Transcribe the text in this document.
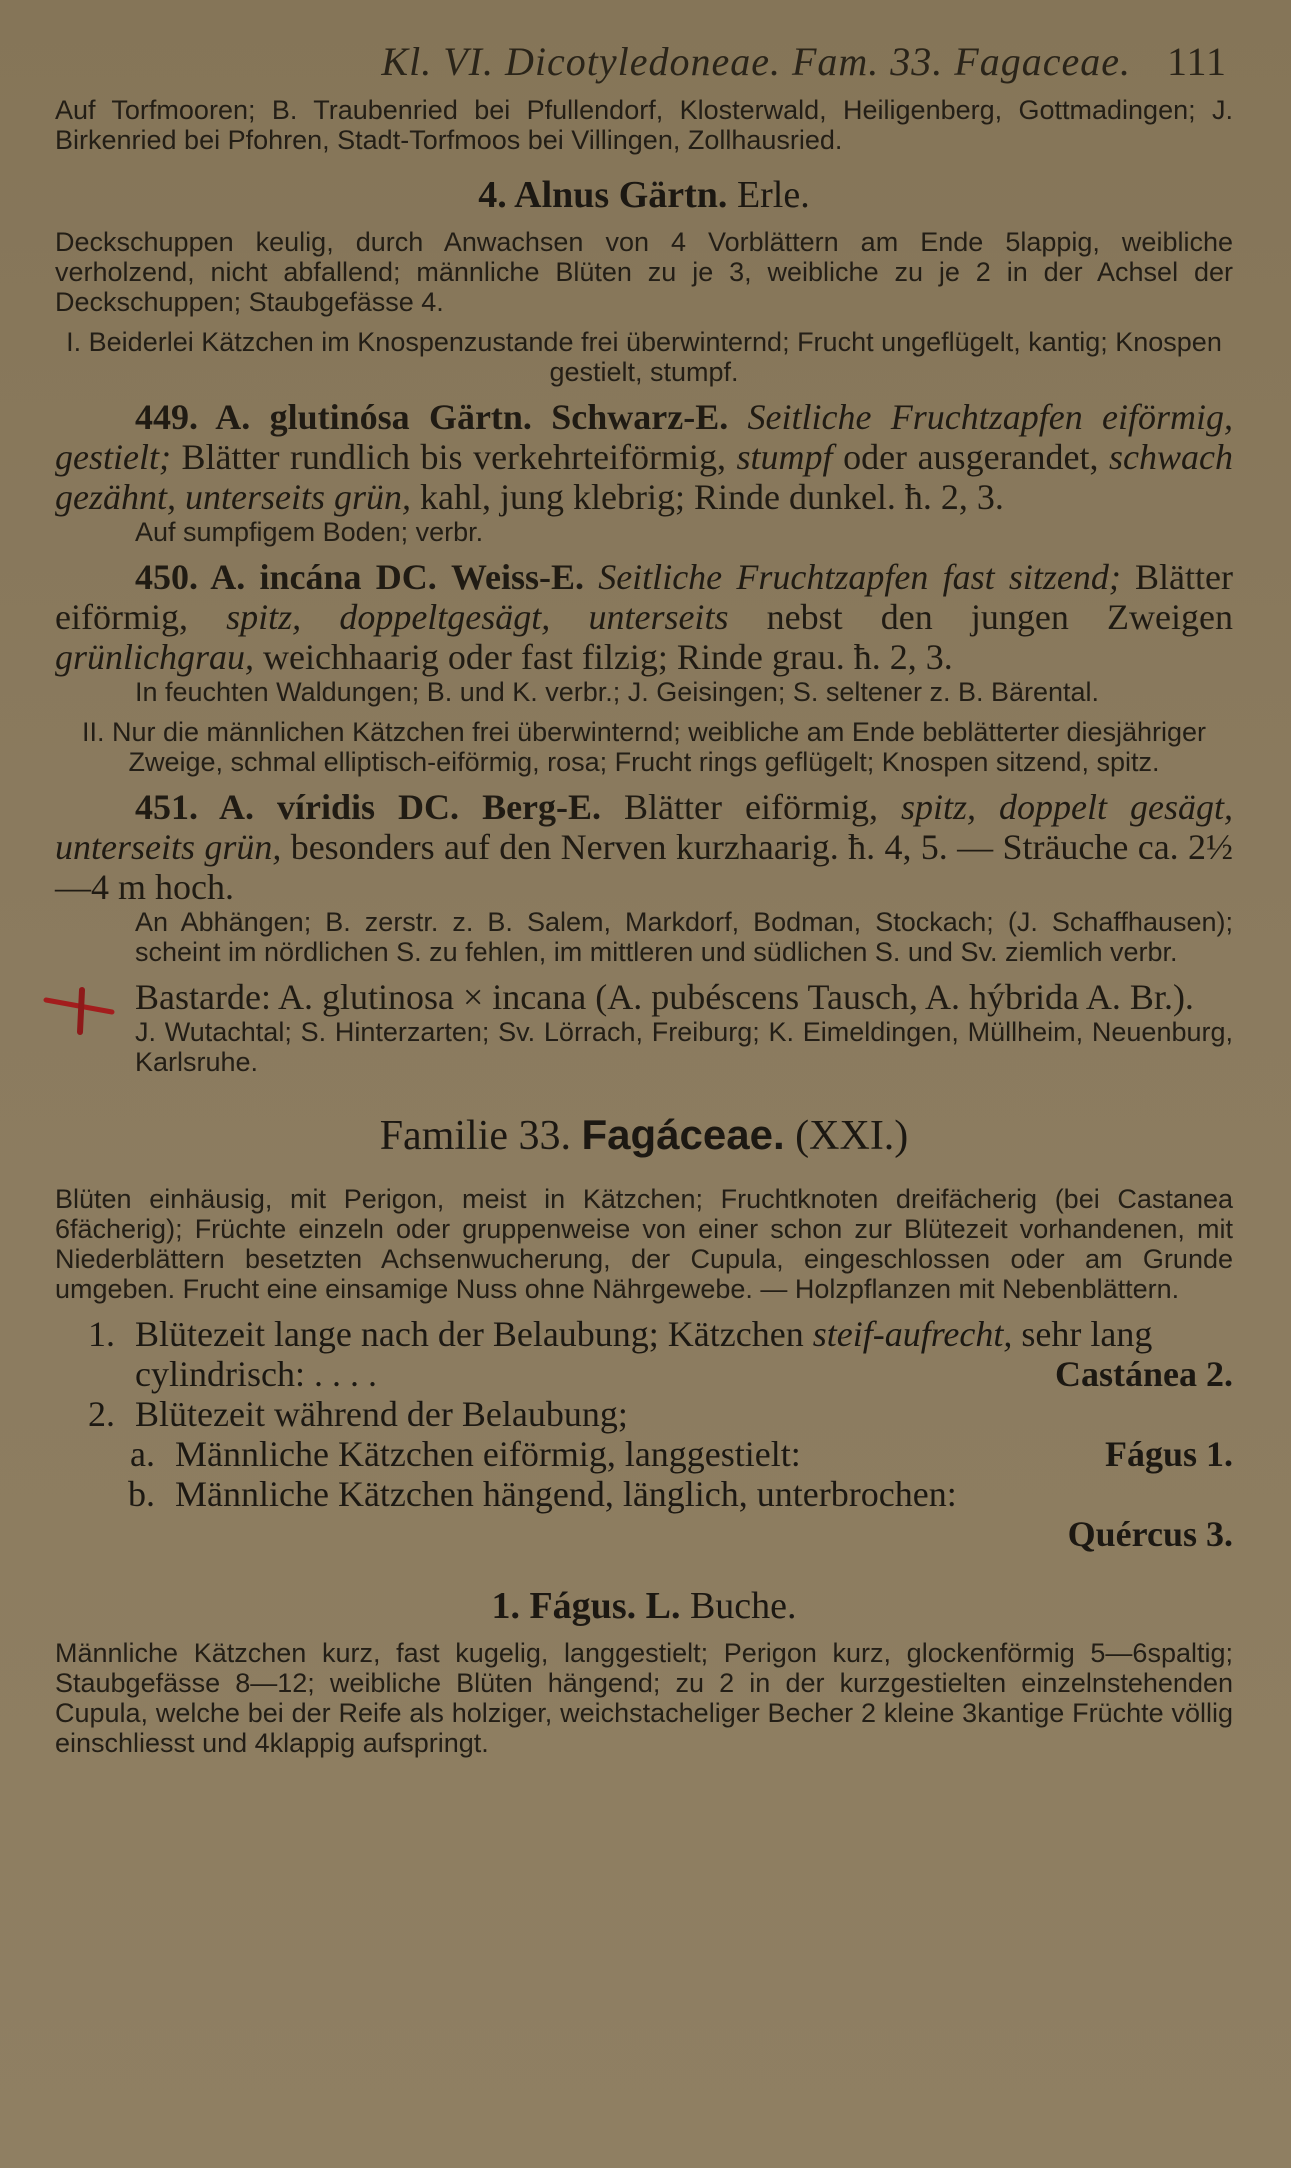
Kl. VI. Dicotyledoneae. Fam. 33. Fagaceae. 111

Auf Torfmooren; B. Traubenried bei Pfullendorf, Klosterwald, Heiligenberg, Gottmadingen; J. Birkenried bei Pfohren, Stadt-Torfmoos bei Villingen, Zollhausried.

4. Alnus Gärtn. Erle.

Deckschuppen keulig, durch Anwachsen von 4 Vorblättern am Ende 5lappig, weibliche verholzend, nicht abfallend; männliche Blüten zu je 3, weibliche zu je 2 in der Achsel der Deckschuppen; Staubgefässe 4.

I. Beiderlei Kätzchen im Knospenzustande frei überwinternd; Frucht ungeflügelt, kantig; Knospen gestielt, stumpf.

449. A. glutinósa Gärtn. Schwarz-E. Seitliche Fruchtzapfen eiförmig, gestielt; Blätter rundlich bis verkehrteiförmig, stumpf oder ausgerandet, schwach gezähnt, unterseits grün, kahl, jung klebrig; Rinde dunkel. ħ. 2, 3.

Auf sumpfigem Boden; verbr.

450. A. incána DC. Weiss-E. Seitliche Fruchtzapfen fast sitzend; Blätter eiförmig, spitz, doppeltgesägt, unterseits nebst den jungen Zweigen grünlichgrau, weichhaarig oder fast filzig; Rinde grau. ħ. 2, 3.

In feuchten Waldungen; B. und K. verbr.; J. Geisingen; S. seltener z. B. Bärental.

II. Nur die männlichen Kätzchen frei überwinternd; weibliche am Ende beblätterter diesjähriger Zweige, schmal elliptisch-eiförmig, rosa; Frucht rings geflügelt; Knospen sitzend, spitz.

451. A. víridis DC. Berg-E. Blätter eiförmig, spitz, doppelt gesägt, unterseits grün, besonders auf den Nerven kurzhaarig. ħ. 4, 5. — Sträuche ca. 2½—4 m hoch.

An Abhängen; B. zerstr. z. B. Salem, Markdorf, Bodman, Stockach; (J. Schaffhausen); scheint im nördlichen S. zu fehlen, im mittleren und südlichen S. und Sv. ziemlich verbr.

Bastarde: A. glutinosa × incana (A. pubéscens Tausch, A. hýbrida A. Br.).

J. Wutachtal; S. Hinterzarten; Sv. Lörrach, Freiburg; K. Eimeldingen, Müllheim, Neuenburg, Karlsruhe.

Familie 33. Fagáceae. (XXI.)

Blüten einhäusig, mit Perigon, meist in Kätzchen; Fruchtknoten dreifächerig (bei Castanea 6fächerig); Früchte einzeln oder gruppenweise von einer schon zur Blütezeit vorhandenen, mit Niederblättern besetzten Achsenwucherung, der Cupula, eingeschlossen oder am Grunde umgeben. Frucht eine einsamige Nuss ohne Nährgewebe. — Holzpflanzen mit Nebenblättern.

1. Blütezeit lange nach der Belaubung; Kätzchen steif-aufrecht, sehr lang cylindrisch: . . . .	Castánea 2.
2. Blütezeit während der Belaubung;
a. Männliche Kätzchen eiförmig, langgestielt:	Fágus 1.
b. Männliche Kätzchen hängend, länglich, unterbrochen:

Quércus 3.
1. Fágus. L. Buche.

Männliche Kätzchen kurz, fast kugelig, langgestielt; Perigon kurz, glockenförmig 5—6spaltig; Staubgefässe 8—12; weibliche Blüten hängend; zu 2 in der kurzgestielten einzelnstehenden Cupula, welche bei der Reife als holziger, weichstacheliger Becher 2 kleine 3kantige Früchte völlig einschliesst und 4klappig aufspringt.
